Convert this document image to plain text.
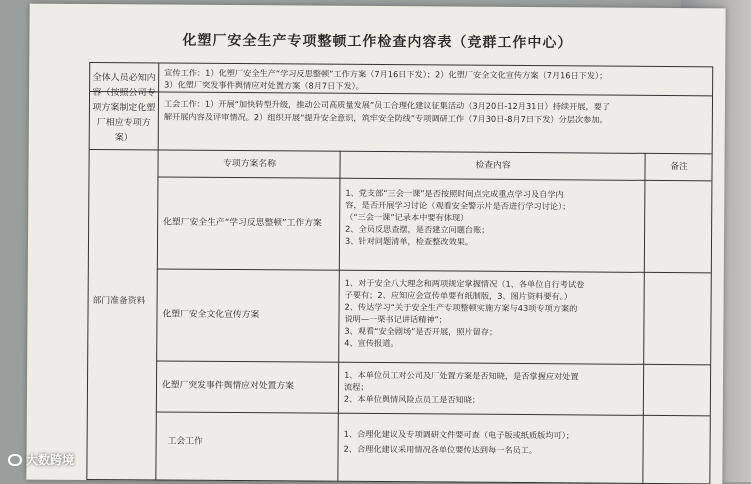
化塑厂安全生产专项整顿工作检查内容表（竞群工作中心）
全体人员必知内容（按照公司专项方案制定化塑厂相应专项方案）
宣传工作：1）化塑厂安全生产“学习反思整顿”工作方案（7月16日下发）；2）化塑厂安全文化宣传方案（7月16日下发）；
3）化塑厂突发事件舆情应对处置方案（8月7日下发）。
工会工作：1）开展“加快转型升级，推动公司高质量发展”员工合理化建议征集活动（3月20日-12月31日）持续开展，要了
解开展内容及评审情况。2）组织开展“提升安全意识，筑牢安全防线”专项调研工作（7月30日-8月7日下发）分层次参加。
部门准备资料
专项方案名称	检查内容	备注
化塑厂安全生产“学习反思整顿”工作方案
1、党支部“三会一课”是否按照时间点完成重点学习及自学内
容，是否开展学习讨论（观看安全警示片是否进行学习讨论）；
（“三会一课”记录本中要有体现）
2、全员反思查摆，是否建立问题台账；
3、针对问题清单，检查整改效果。
化塑厂安全文化宣传方案
1、对于安全八大理念和两项规定掌握情况（1、各单位自行考试卷
子要有；2、应知应会宣传单要有纸制版，3、图片资料要有。）
2、传达学习“关于安全生产专项整顿实施方案与43项专项方案的
说明—一栗书记讲话精神”；
3、观看“安全剧场”是否开展，照片留存；
4、宣传报道。
化塑厂突发事件舆情应对处置方案
1、本单位员工对公司及厂处置方案是否知晓，是否掌握应对处置
流程；
2、本单位舆情风险点员工是否知晓；
工会工作
1、合理化建议及专项调研文件要可查（电子版或纸质版均可）；
2、合理化建议采用情况各单位要传达到每一名员工。
大数跨境
